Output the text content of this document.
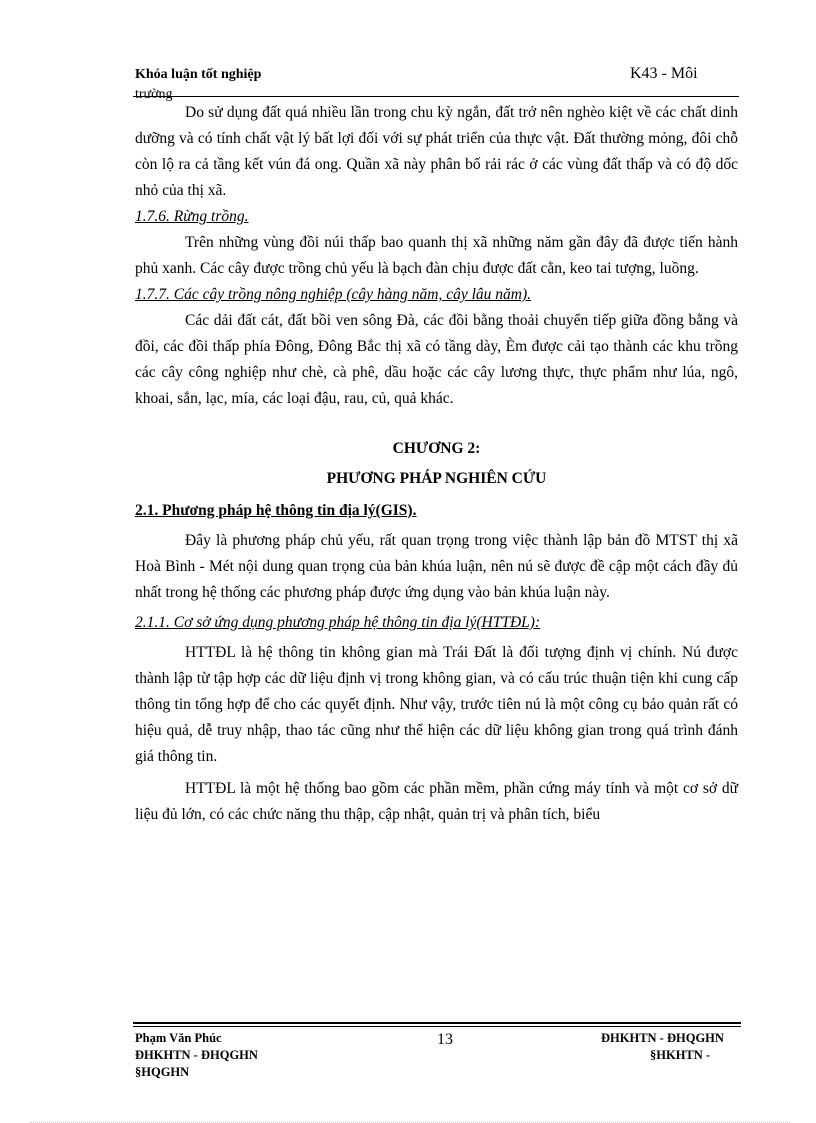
Khóa luận tốt nghiệp
trường
K43 - Môi

Do sử dụng đất quá nhiều lần trong chu kỳ ngắn, đất trở nên nghèo kiệt về các chất dinh dưỡng và có tính chất vật lý bất lợi đối với sự phát triển của thực vật. Đất thường mỏng, đôi chỗ còn lộ ra cả tầng kết vún đá ong. Quần xã này phân bố rải rác ở các vùng đất thấp và có độ dốc nhỏ của thị xã.

1.7.6. Rừng trồng.

Trên những vùng đồi núi thấp bao quanh thị xã những năm gần đây đã được tiến hành phủ xanh. Các cây được trồng chủ yếu là bạch đàn chịu được đất cằn, keo tai tượng, luồng.

1.7.7. Các cây trồng nông nghiệp (cây hàng năm, cây lâu năm).

Các dải đất cát, đất bồi ven sông Đà, các đồi bằng thoải chuyển tiếp giữa đồng bằng và đồi, các đồi thấp phía Đông, Đông Bắc thị xã có tầng dày, Èm được cải tạo thành các khu trồng các cây công nghiệp như chè, cà phê, dầu hoặc các cây lương thực, thực phẩm như lúa, ngô, khoai, sắn, lạc, mía, các loại đậu, rau, củ, quả khác.

CHƯƠNG 2:

PHƯƠNG PHÁP NGHIÊN CỨU

2.1. Phương pháp hệ thông tin địa lý(GIS).

Đây là phương pháp chủ yếu, rất quan trọng trong việc thành lập bản đồ MTST thị xã Hoà Bình - Mét nội dung quan trọng của bản khúa luận, nên nú sẽ được đề cập một cách đầy đủ nhất trong hệ thống các phương pháp được ứng dụng vào bản khúa luận này.

2.1.1. Cơ sở ứng dụng phương pháp hệ thông tin địa lý(HTTĐL):

HTTĐL là hệ thông tin không gian mà Trái Đất là đối tượng định vị chính. Nú được thành lập từ tập hợp các dữ liệu định vị trong không gian, và có cấu trúc thuận tiện khi cung cấp thông tin tổng hợp để cho các quyết định. Như vậy, trước tiên nú là một công cụ bảo quản rất có hiệu quả, dễ truy nhập, thao tác cũng như thể hiện các dữ liệu không gian trong quá trình đánh giá thông tin.

HTTĐL là một hệ thống bao gồm các phần mềm, phần cứng máy tính và một cơ sở dữ liệu đủ lớn, có các chức năng thu thập, cập nhật, quản trị và phân tích, biểu

Phạm Văn Phúc
ĐHKHTN - ĐHQGHN
§HQGHN
13	ĐHKHTN - ĐHQGHN
§HKHTN -
